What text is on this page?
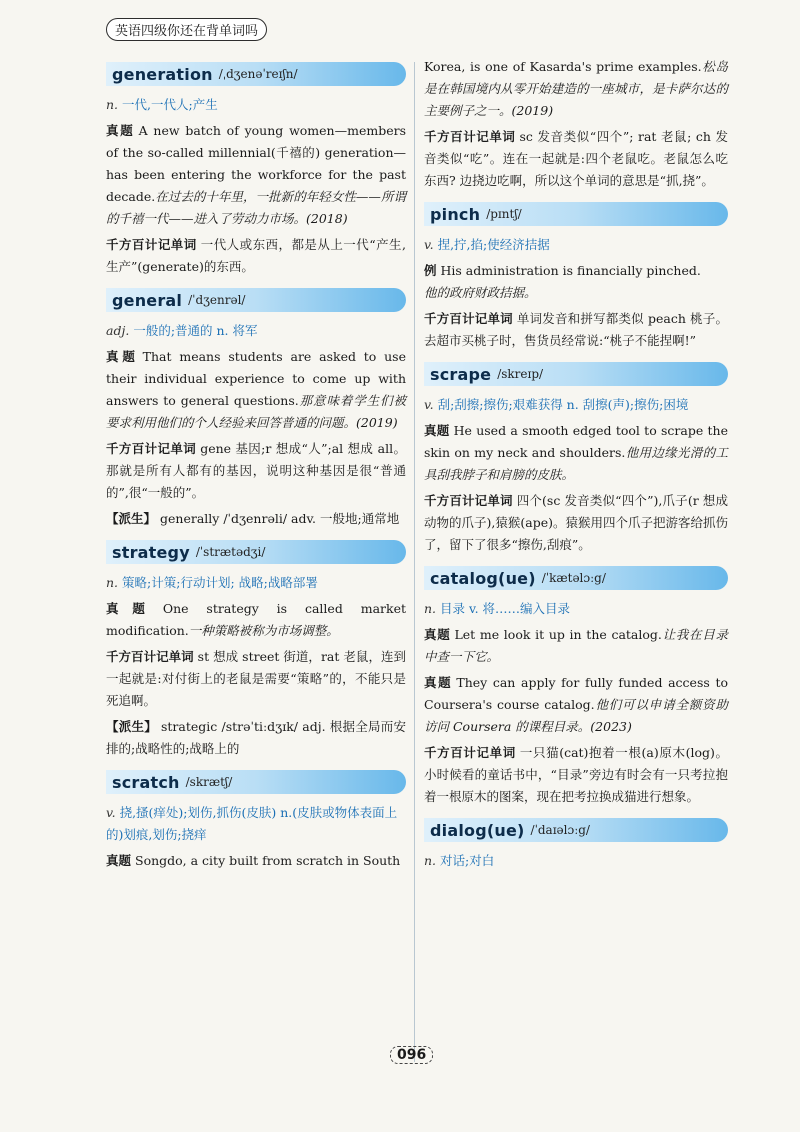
英语四级你还在背单词吗
generation /ˌdʒenəˈreɪʃn/

n. 一代,一代人;产生

真题 A new batch of young women—members of the so-called millennial(千禧的) generation—has been entering the workforce for the past decade.在过去的十年里，一批新的年轻女性——所谓的千禧一代——进入了劳动力市场。(2018)

千方百计记单词 一代人或东西，都是从上一代“产生,生产”(generate)的东西。

general /ˈdʒenrəl/

adj. 一般的;普通的 n. 将军

真题 That means students are asked to use their individual experience to come up with answers to general questions.那意味着学生们被要求利用他们的个人经验来回答普通的问题。(2019)

千方百计记单词 gene 基因;r 想成“人”;al 想成 all。那就是所有人都有的基因，说明这种基因是很“普通的”,很“一般的”。

【派生】 generally /ˈdʒenrəli/ adv. 一般地;通常地

strategy /ˈstrætədʒi/

n. 策略;计策;行动计划; 战略;战略部署

真题 One strategy is called market modification.一种策略被称为市场调整。

千方百计记单词 st 想成 street 街道，rat 老鼠，连到一起就是:对付街上的老鼠是需要“策略”的，不能只是死追啊。

【派生】 strategic /strəˈtiːdʒɪk/ adj. 根据全局而安排的;战略性的;战略上的

scratch /skrætʃ/

v. 挠,搔(痒处);划伤,抓伤(皮肤) n.(皮肤或物体表面上的)划痕,划伤;挠痒

真题 Songdo, a city built from scratch in South

Korea, is one of Kasarda's prime examples.松岛是在韩国境内从零开始建造的一座城市，是卡萨尔达的主要例子之一。(2019)

千方百计记单词 sc 发音类似“四个”; rat 老鼠; ch 发音类似“吃”。连在一起就是:四个老鼠吃。老鼠怎么吃东西? 边挠边吃啊，所以这个单词的意思是“抓,挠”。

pinch /pɪntʃ/

v. 捏,拧,掐;使经济拮据

例 His administration is financially pinched.
他的政府财政拮据。

千方百计记单词 单词发音和拼写都类似 peach 桃子。去超市买桃子时，售货员经常说:“桃子不能捏啊!”

scrape /skreɪp/

v. 刮;刮擦;擦伤;艰难获得 n. 刮擦(声);擦伤;困境

真题 He used a smooth edged tool to scrape the skin on my neck and shoulders.他用边缘光滑的工具刮我脖子和肩膀的皮肤。

千方百计记单词 四个(sc 发音类似“四个”),爪子(r 想成动物的爪子),猿猴(ape)。猿猴用四个爪子把游客给抓伤了，留下了很多“擦伤,刮痕”。

catalog(ue) /ˈkætəlɔːg/

n. 目录 v. 将……编入目录

真题 Let me look it up in the catalog.让我在目录中查一下它。

真题 They can apply for fully funded access to Coursera's course catalog.他们可以申请全额资助访问 Coursera 的课程目录。(2023)

千方百计记单词 一只猫(cat)抱着一根(a)原木(log)。小时候看的童话书中，“目录”旁边有时会有一只考拉抱着一根原木的图案，现在把考拉换成猫进行想象。

dialog(ue) /ˈdaɪəlɔːg/

n. 对话;对白

096
